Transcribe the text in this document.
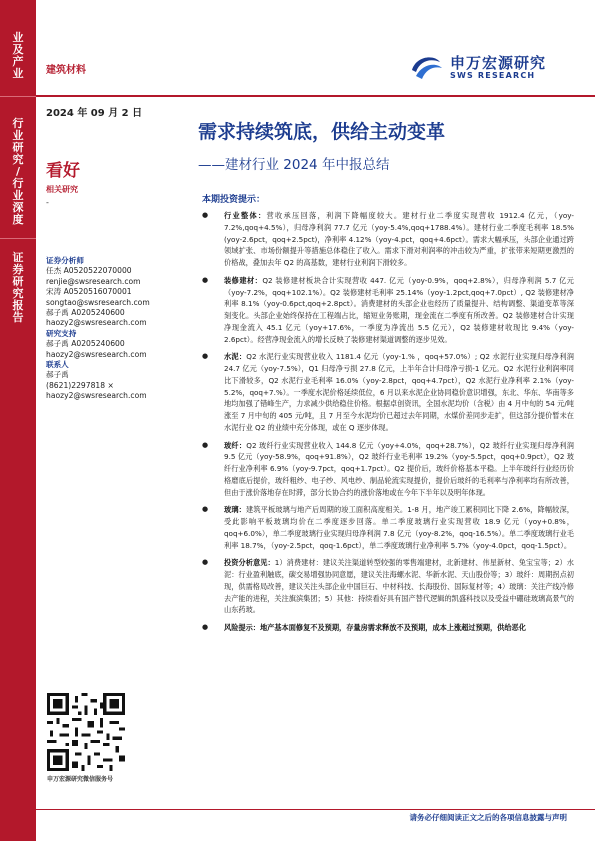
业
及
产
业
行
业
研
究
/
行
业
深
度
证
券
研
究
报
告
建筑材料	申万宏源研究
SWS RESEARCH
2024 年 09 月 2 日
看好
相关研究
-
证券分析师
任杰 A0520522070000
renjie@swsresearch.com
宋涛 A0520516070001
songtao@swsresearch.com
郝子禹 A0205240600
haozy2@swsresearch.com
研究支持
郝子禹 A0205240600
haozy2@swsresearch.com
联系人
郝子禹
(8621)2297818 ×
haozy2@swsresearch.com
申万宏源研究微信服务号
需求持续筑底，供给主动变革
——建材行业 2024 年中报总结
本期投资提示：
● 行业整体：营收承压回落，利润下降幅度较大。建材行业二季度实现营收 1912.4 亿元，（yoy-7.2%,qoq+4.5%），归母净利润 77.7 亿元（yoy-5.4%,qoq+1788.4%）。建材行业二季度毛利率 18.5%(yoy-2.6pct，qoq+2.5pct)，净利率 4.12%（yoy-4.pct，qoq+4.6pct）。需求大幅承压，头部企业通过跨领域扩张、市场份额提升等措施总体稳住了收入。需求下滑对利润率的冲击较为严重，扩张带来短期更激烈的价格战，叠加去年 Q2 的高基数，建材行业利润下滑较多。
● 装修建材：Q2 装修建材板块合计实现营收 447. 亿元（yoy-0.9%，qoq+2.8%），归母净利润 5.7 亿元（yoy-7.2%，qoq+102.1%）。Q2 装修建材毛利率 25.14%（yoy-1.2pct,qoq+7.0pct）, Q2 装修建材净利率 8.1%（yoy-0.6pct,qoq+2.8pct）。消费建材的头部企业也经历了质量提升、结构调整、渠道变革等深刻变化。头部企业始终保持在工程端占比，缩短业务账期，现金流在二季度有所改善。Q2 装修建材合计实现净现金流入 45.1 亿元（yoy+17.6%，一季度为净流出 5.5 亿元），Q2 装修建材收现比 9.4%（yoy-2.6pct）。经营净现金流入的增长反映了装修建材渠道调整的逐步见效。
● 水泥：Q2 水泥行业实现营业收入 1181.4 亿元（yoy-1.% ，qoq+57.0%）; Q2 水泥行业实现归母净利润 24.7 亿元（yoy-7.5%），Q1 归母净亏损 27.8 亿元，上半年合计归母净亏损-1 亿元。Q2 水泥行业利润率同比下滑较多，Q2 水泥行业毛利率 16.0%（yoy-2.8pct，qoq+4.7pct），Q2 水泥行业净利率 2.1%（yoy-5.2%，qoq+7.%）。一季度水泥价格延续低位，6 月以来水泥企业协同稳价意识增强，东北、华东、华南等多地均加强了错峰生产，力求减少供给稳住价格。根据卓创资讯，全国水泥均价（含税）由 4 月中旬的 54 元/吨涨至 7 月中旬的 405 元/吨，且 7 月至今水泥均价已超过去年同期，水煤价差同步走扩，但这部分提价暂未在水泥行业 Q2 的业绩中充分体现，或在 Q 逐步体现。
● 玻纤：Q2 玻纤行业实现营业收入 144.8 亿元（yoy+4.0%，qoq+28.7%），Q2 玻纤行业实现归母净利润 9.5 亿元（yoy-58.9%，qoq+91.8%），Q2 玻纤行业毛利率 19.2%（yoy-5.5pct，qoq+0.9pct），Q2 玻纤行业净利率 6.9%（yoy-9.7pct，qoq+1.7pct）。Q2 提价后，玻纤价格基本平稳。上半年玻纤行业经历价格磨底后提价，玻纤粗纱、电子纱、风电纱、制品轮流实现提价，提价后玻纤的毛利率与净利率均有所改善，但由于涨价落地存在时滞，部分长协合约的涨价落地或在今年下半年以及明年体现。
● 玻璃：建筑平板玻璃与地产后周期的竣工面积高度相关。1-8 月，地产竣工累积同比下降 2.6%，降幅较深，受此影响平板玻璃均价在二季度逐步回落。单二季度玻璃行业实现营收 18.9 亿元（yoy+0.8%，qoq+6.0%），单二季度玻璃行业实现归母净利润 7.8 亿元（yoy-8.2%，qoq-16.5%）。单二季度玻璃行业毛利率 18.7%，（yoy-2.5pct，qoq-1.6pct），单二季度玻璃行业净利率 5.7%（yoy-4.0pct，qoq-1.5pct）。
● 投资分析意见：1）消费建材：建议关注渠道转型较强的零售端建材，北新建材、伟星新材、兔宝宝等；2）水泥：行业盈利触底，碳交易增强协同意愿，建议关注海螺水泥、华新水泥、天山股份等；3）玻纤：周期拐点初现，供需格局改善，建议关注头部企业中国巨石、中材科技、长海股份、国际复材等；4）玻璃：关注产线冷修去产能的进程，关注旗滨集团；5）其他：持续看好具有国产替代逻辑的凯盛科技以及受益中硼硅玻璃高景气的山东药玻。
● 风险提示：地产基本面修复不及预期，存量房需求释放不及预期，成本上涨超过预期，供给恶化
请务必仔细阅读正文之后的各项信息披露与声明
